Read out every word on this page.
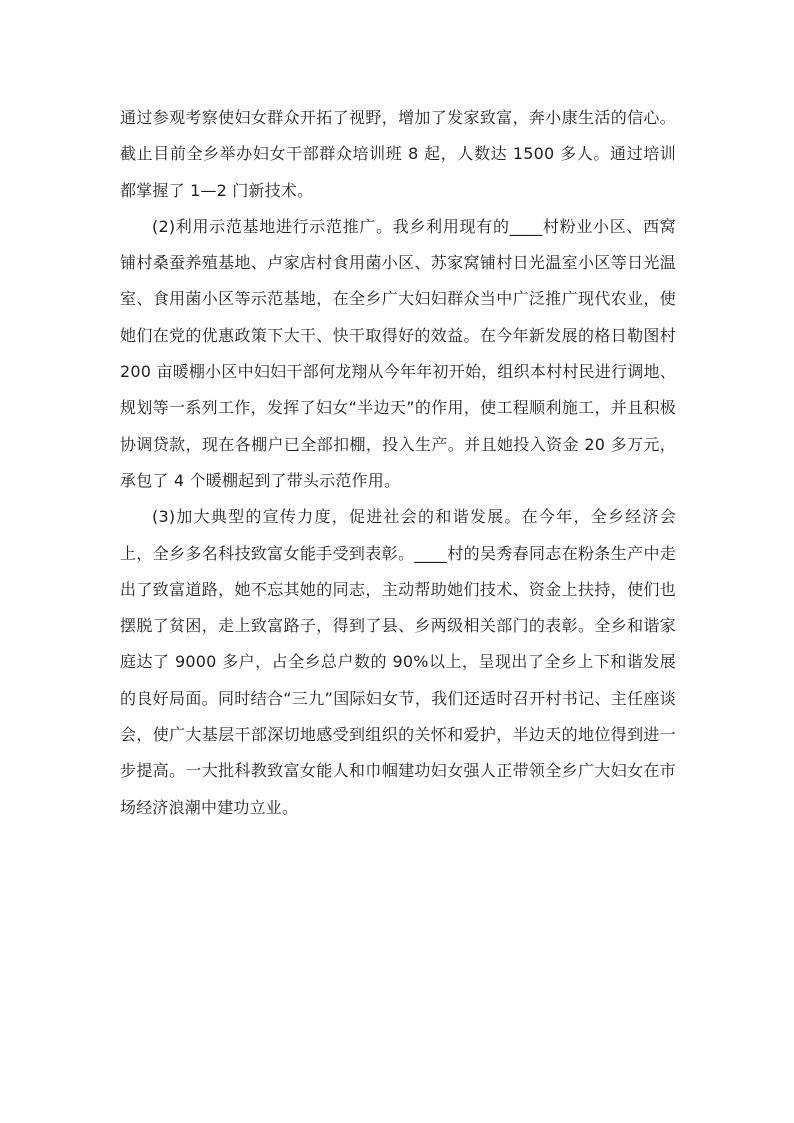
通过参观考察使妇女群众开拓了视野，增加了发家致富，奔小康生活的信心。截止目前全乡举办妇女干部群众培训班 8 起，人数达 1500 多人。通过培训都掌握了 1—2 门新技术。

(2)利用示范基地进行示范推广。我乡利用现有的____村粉业小区、西窝铺村桑蚕养殖基地、卢家店村食用菌小区、苏家窝铺村日光温室小区等日光温室、食用菌小区等示范基地，在全乡广大妇妇群众当中广泛推广现代农业，使她们在党的优惠政策下大干、快干取得好的效益。在今年新发展的格日勒图村 200 亩暖棚小区中妇妇干部何龙翔从今年年初开始，组织本村村民进行调地、规划等一系列工作，发挥了妇女“半边天”的作用，使工程顺利施工，并且积极协调贷款，现在各棚户已全部扣棚，投入生产。并且她投入资金 20 多万元，承包了 4 个暖棚起到了带头示范作用。

(3)加大典型的宣传力度，促进社会的和谐发展。在今年，全乡经济会上，全乡多名科技致富女能手受到表彰。____村的吴秀春同志在粉条生产中走出了致富道路，她不忘其她的同志，主动帮助她们技术、资金上扶持，使们也摆脱了贫困，走上致富路子，得到了县、乡两级相关部门的表彰。全乡和谐家庭达了 9000 多户，占全乡总户数的 90%以上，呈现出了全乡上下和谐发展的良好局面。同时结合“三九”国际妇女节，我们还适时召开村书记、主任座谈会，使广大基层干部深切地感受到组织的关怀和爱护，半边天的地位得到进一步提高。一大批科教致富女能人和巾帼建功妇女强人正带领全乡广大妇女在市场经济浪潮中建功立业。
